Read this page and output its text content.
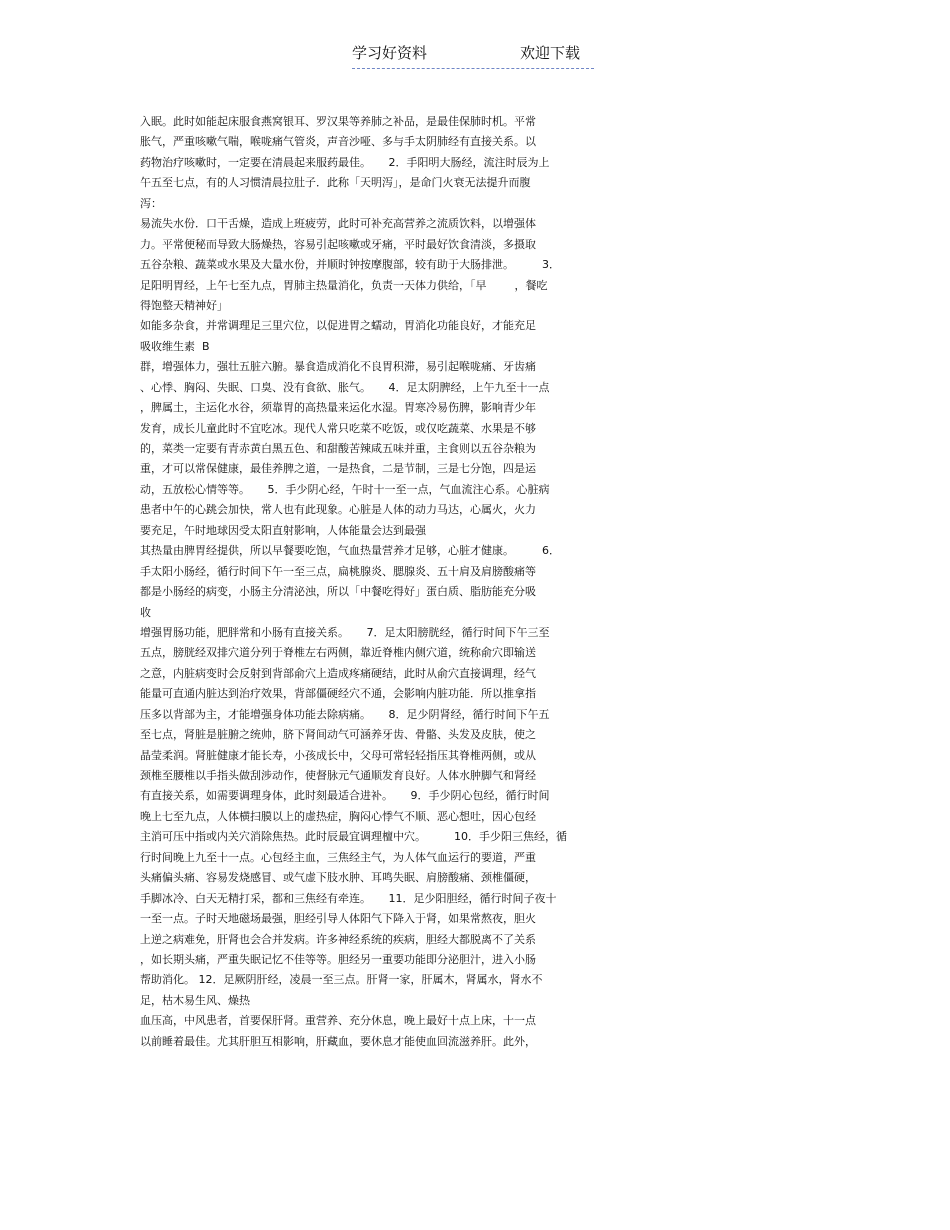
学习好资料	欢迎下载
入眠。此时如能起床服食燕窝银耳、罗汉果等养肺之补品，是最佳保肺时机。平常
胀气，严重咳嗽气喘，喉咙痛气管炎，声音沙哑、多与手太阴肺经有直接关系。以
药物治疗咳嗽时，一定要在清晨起来服药最佳。     2．手阳明大肠经，流注时辰为上
午五至七点，有的人习惯清晨拉肚子．此称「天明泻」，是命门火衰无法提升而腹
泻：
易流失水份．口干舌燥，造成上班疲劳，此时可补充高营养之流质饮料，以增强体
力。平常便秘而导致大肠燥热，容易引起咳嗽或牙痛，平时最好饮食清淡，多摄取
五谷杂粮、蔬菜或水果及大量水份，并顺时钟按摩腹部，较有助于大肠排泄。        3．
足阳明胃经，上午七至九点，胃肺主热量消化，负责一天体力供给，「早        ，餐吃
得饱整天精神好」
如能多杂食，并常调理足三里穴位，以促进胃之蠕动，胃消化功能良好，才能充足
吸收维生素  B
群，增强体力，强壮五脏六腑。暴食造成消化不良胃积滞，易引起喉咙痛、牙齿痛
、心悸、胸闷、失眠、口臭、没有食欲、胀气。     4．足太阴脾经，上午九至十一点
，脾属土，主运化水谷，须靠胃的高热量来运化水湿。胃寒冷易伤脾，影响青少年
发育，成长儿童此时不宜吃冰。现代人常只吃菜不吃饭，或仅吃蔬菜、水果是不够
的，菜类一定要有青赤黄白黑五色、和甜酸苦辣咸五味并重，主食则以五谷杂粮为
重，才可以常保健康，最佳养脾之道，一是热食，二是节制，三是七分饱，四是运
动，五放松心情等等。     5．手少阴心经，午时十一至一点，气血流注心系。心脏病
患者中午的心跳会加快，常人也有此现象。心脏是人体的动力马达，心属火，火力
要充足，午时地球因受太阳直射影响，人体能量会达到最强
其热量由脾胃经提供，所以早餐要吃饱，气血热量营养才足够，心脏才健康。        6．
手太阳小肠经，循行时间下午一至三点，扁桃腺炎、腮腺炎、五十肩及肩膀酸痛等
都是小肠经的病变，小肠主分清泌浊，所以「中餐吃得好」蛋白质、脂肪能充分吸
收
增强胃肠功能，肥胖常和小肠有直接关系。     7．足太阳膀胱经，循行时间下午三至
五点，膀胱经双排穴道分列于脊椎左右两侧，靠近脊椎内侧穴道，统称俞穴即输送
之意，内脏病变时会反射到背部俞穴上造成疼痛硬结，此时从俞穴直接调理，经气
能量可直通内脏达到治疗效果，背部僵硬经穴不通，会影响内脏功能．所以推拿指
压多以背部为主，才能增强身体功能去除病痛。     8．足少阴肾经，循行时间下午五
至七点，肾脏是脏腑之统帅，脐下肾间动气可涵养牙齿、骨骼、头发及皮肤，使之
晶莹柔润。肾脏健康才能长寿，小孩成长中，父母可常轻轻指压其脊椎两侧，或从
颈椎至腰椎以手指头做刮涉动作，使督脉元气通顺发育良好。人体水肿脚气和肾经
有直接关系，如需要调理身体，此时刻最适合进补。     9．手少阴心包经，循行时间
晚上七至九点，人体横扫膜以上的虚热症，胸闷心悸气不顺、恶心想吐，因心包经
主消可压中指或内关穴消除焦热。此时辰最宜调理檀中穴。        10．手少阳三焦经，循
行时间晚上九至十一点。心包经主血，三焦经主气，为人体气血运行的要道，严重
头痛偏头痛、容易发烧感冒、或气虚下肢水肿、耳鸣失眠、肩膀酸痛、颈椎僵硬，
手脚冰冷、白天无精打采，都和三焦经有牵连。     11．足少阳胆经，循行时间子夜十
一至一点。子时天地磁场最强，胆经引导人体阳气下降入于肾，如果常熬夜，胆火
上逆之病难免，肝肾也会合并发病。许多神经系统的疾病，胆经大都脱离不了关系
，如长期头痛，严重失眠记忆不佳等等。胆经另一重要功能即分泌胆汁，进入小肠
帮助消化。 12．足厥阴肝经，凌晨一至三点。肝肾一家，肝属木，肾属水，肾水不
足，枯木易生风、燥热
血压高，中风患者，首要保肝肾。重营养、充分休息，晚上最好十点上床，十一点
以前睡着最佳。尤其肝胆互相影响，肝藏血，要休息才能使血回流滋养肝。此外，
